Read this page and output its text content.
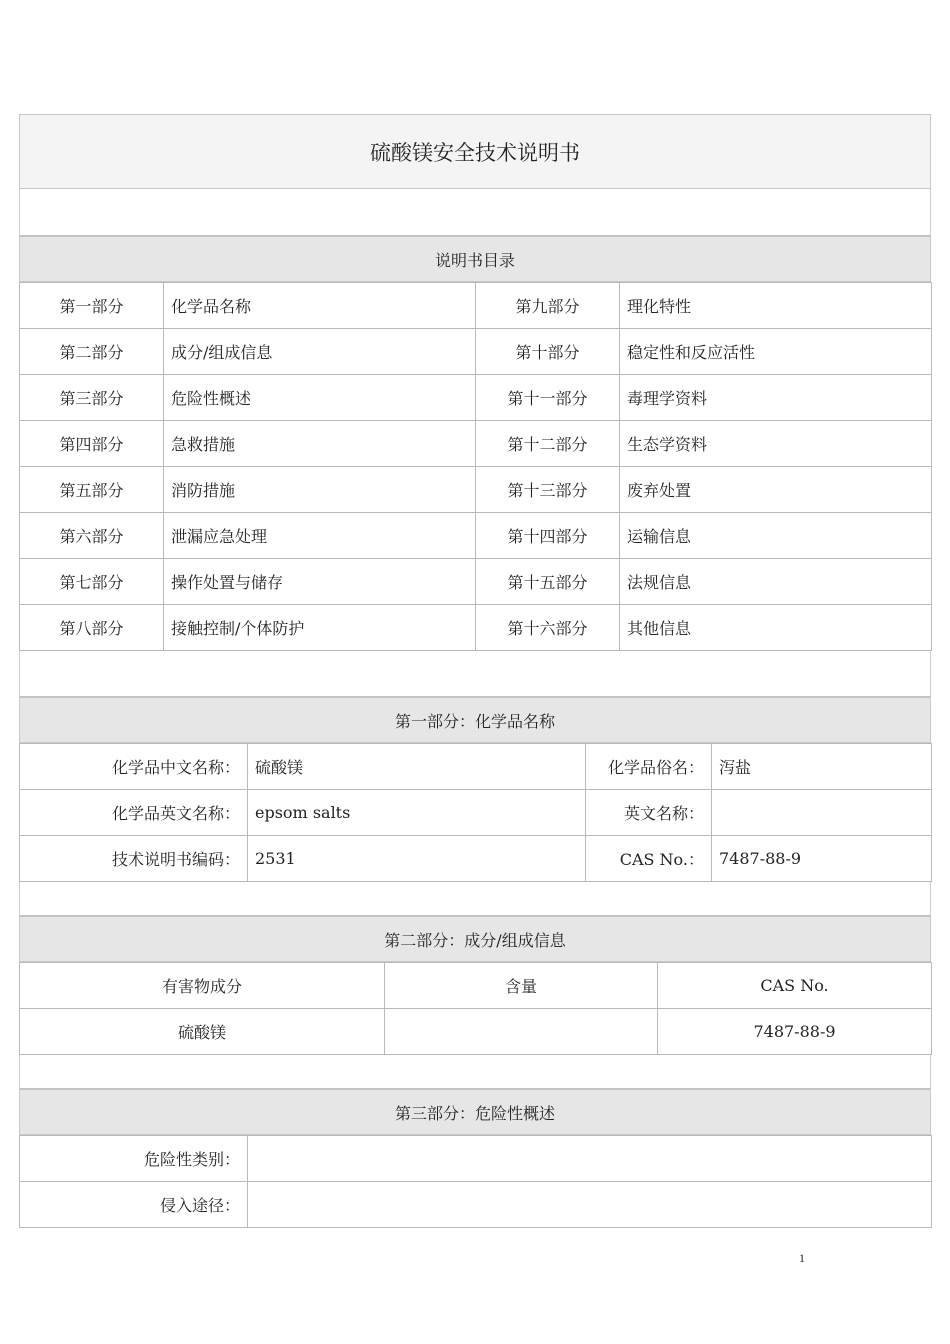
硫酸镁安全技术说明书
说明书目录
第一部分	化学品名称	第九部分	理化特性
第二部分	成分/组成信息	第十部分	稳定性和反应活性
第三部分	危险性概述	第十一部分	毒理学资料
第四部分	急救措施	第十二部分	生态学资料
第五部分	消防措施	第十三部分	废弃处置
第六部分	泄漏应急处理	第十四部分	运输信息
第七部分	操作处置与储存	第十五部分	法规信息
第八部分	接触控制/个体防护	第十六部分	其他信息
第一部分：化学品名称
化学品中文名称：	硫酸镁	化学品俗名：	泻盐
化学品英文名称：	epsom salts	英文名称：	
技术说明书编码：	2531	CAS No.：	7487-88-9
第二部分：成分/组成信息
有害物成分	含量	CAS No.
硫酸镁		7487-88-9
第三部分：危险性概述
危险性类别：	
侵入途径：	
1
